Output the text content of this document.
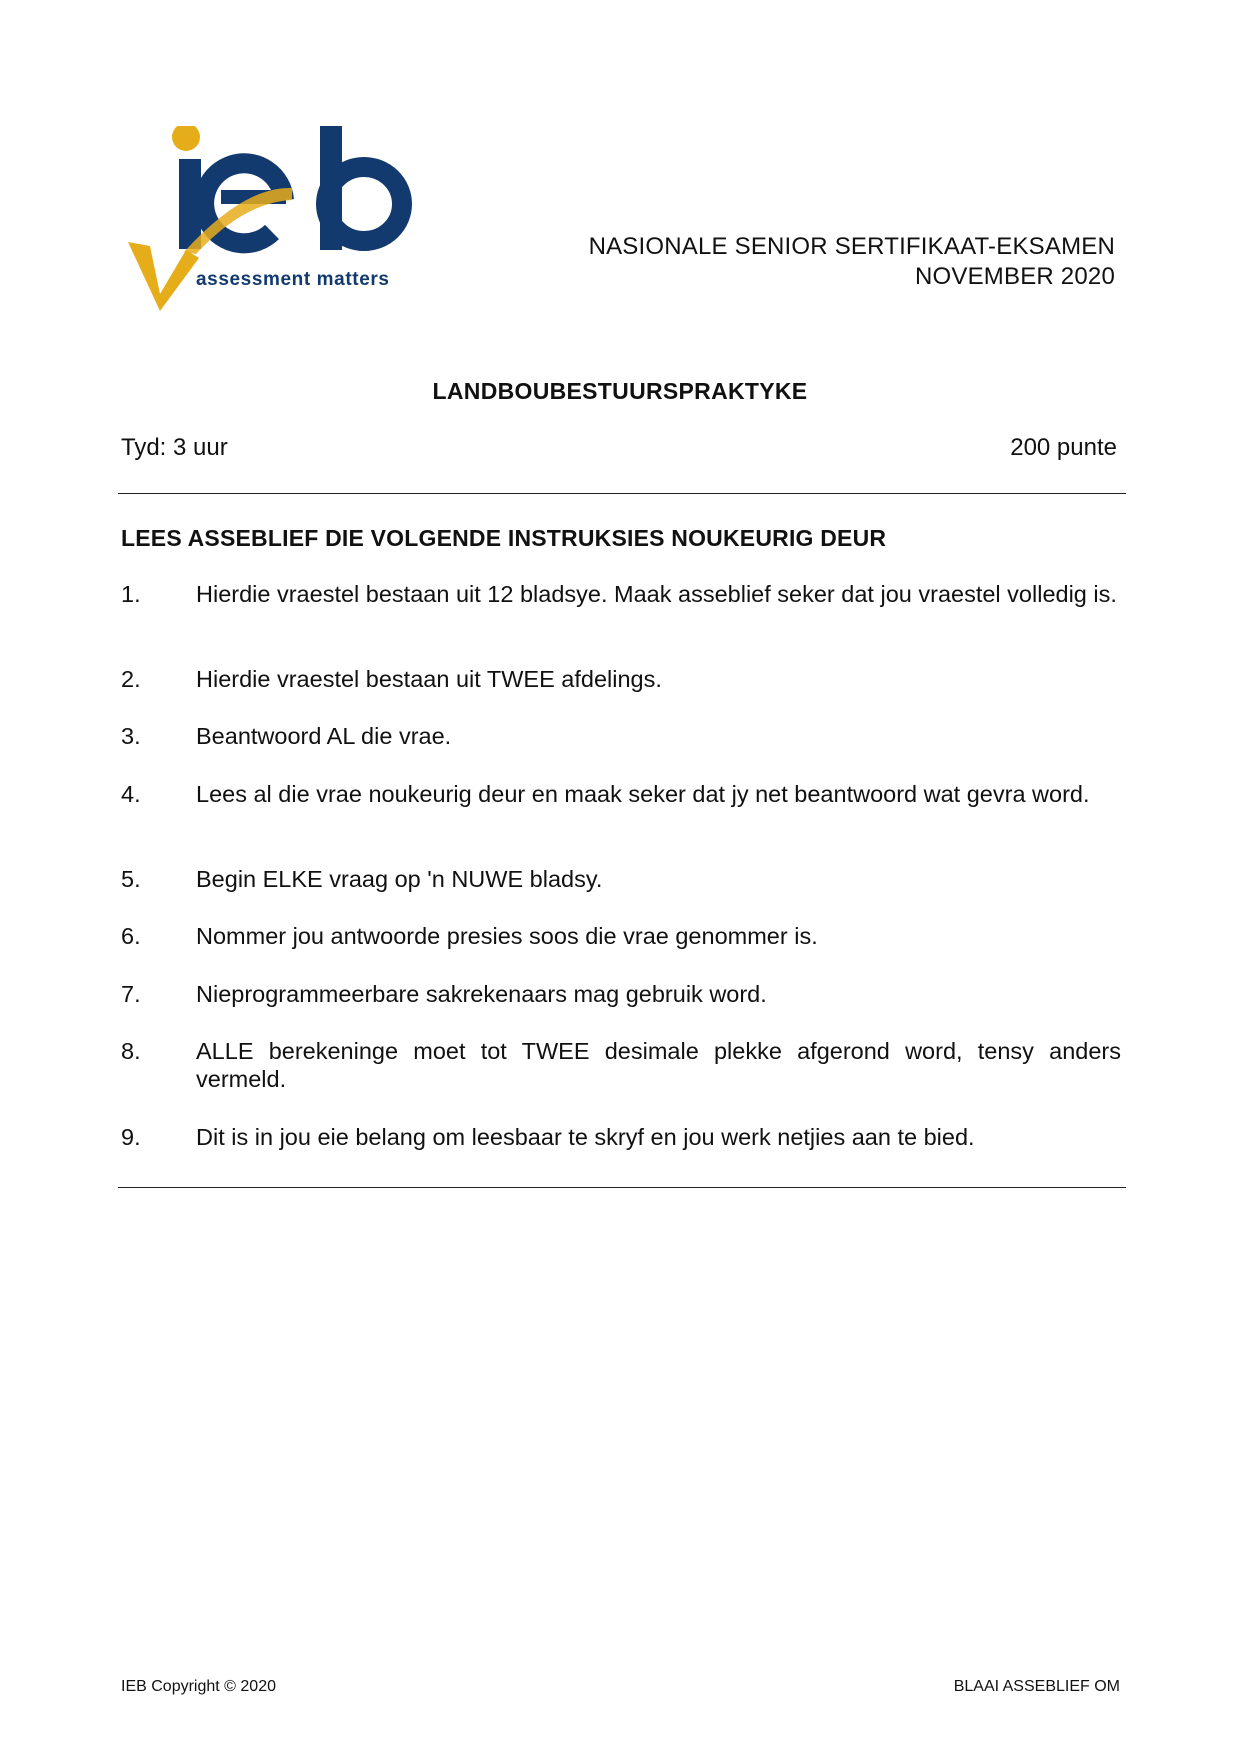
assessment matters
NASIONALE SENIOR SERTIFIKAAT-EKSAMEN
NOVEMBER 2020
LANDBOUBESTUURSPRAKTYKE
Tyd: 3 uur	200 punte
LEES ASSEBLIEF DIE VOLGENDE INSTRUKSIES NOUKEURIG DEUR
1.	Hierdie vraestel bestaan uit 12 bladsye. Maak asseblief seker dat jou vraestel volledig is.
2.	Hierdie vraestel bestaan uit TWEE afdelings.
3.	Beantwoord AL die vrae.
4.	Lees al die vrae noukeurig deur en maak seker dat jy net beantwoord wat gevra word.
5.	Begin ELKE vraag op 'n NUWE bladsy.
6.	Nommer jou antwoorde presies soos die vrae genommer is.
7.	Nieprogrammeerbare sakrekenaars mag gebruik word.
8.	ALLE berekeninge moet tot TWEE desimale plekke afgerond word, tensy anders vermeld.
9.	Dit is in jou eie belang om leesbaar te skryf en jou werk netjies aan te bied.
IEB Copyright © 2020	BLAAI ASSEBLIEF OM
